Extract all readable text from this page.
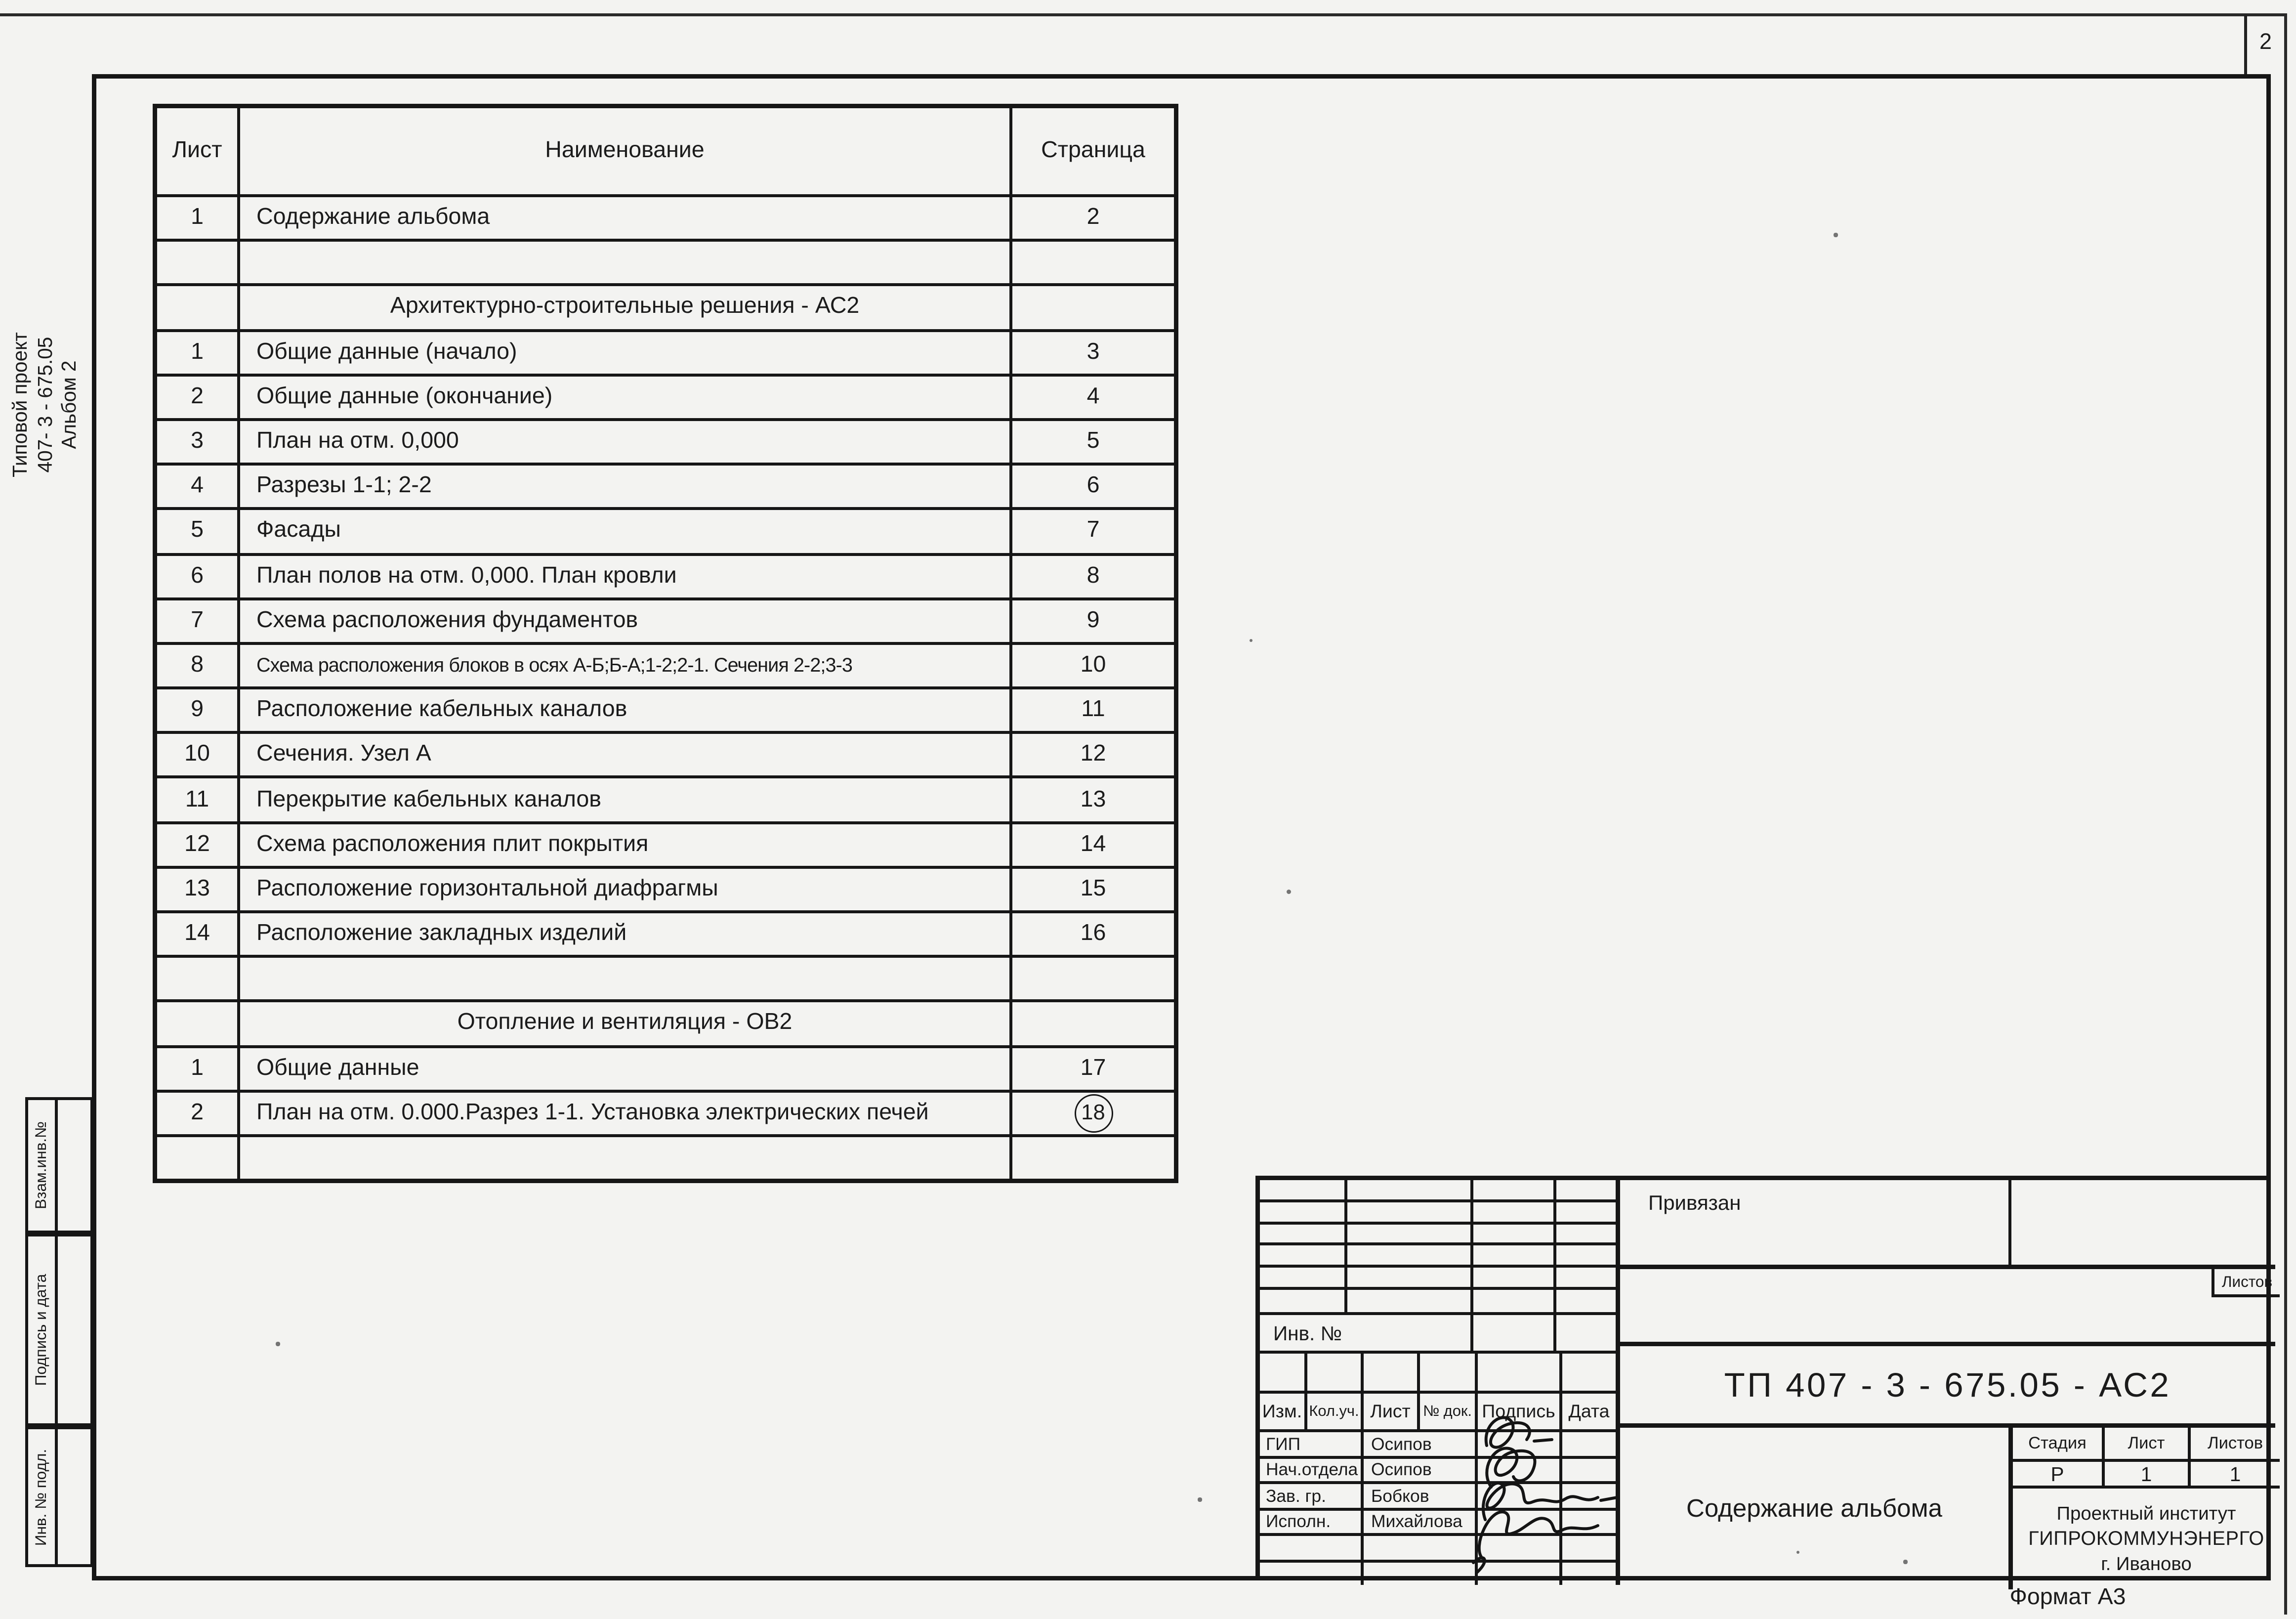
2
Типовой проект 407- 3 - 675.05 Альбом 2
Взам.инв.№
Подпись и дата
Инв. № подл.
Лист	Наименование	Страница
1	Содержание альбома	2
Архитектурно-строительные решения - АС2
1	Общие данные (начало)	3
2	Общие данные (окончание)	4
3	План на отм. 0,000	5
4	Разрезы 1-1; 2-2	6
5	Фасады	7
6	План полов на отм. 0,000. План кровли	8
7	Схема расположения фундаментов	9
8	Схема расположения блоков в осях А-Б;Б-А;1-2;2-1. Сечения 2-2;3-3	10
9	Расположение кабельных каналов	11
10	Сечения. Узел А	12
11	Перекрытие кабельных каналов	13
12	Схема расположения плит покрытия	14
13	Расположение горизонтальной диафрагмы	15
14	Расположение закладных изделий	16
Отопление и вентиляция - ОВ2
1	Общие данные	17
2	План на отм. 0.000.Разрез 1-1. Установка электрических печей	18
Инв. №
Изм.	Кол.уч.	Лист	№ док.	Подпись	Дата
ГИП	Осипов
Нач.отдела	Осипов
Зав. гр.	Бобков
Исполн.	Михайлова
Привязан
Листов
ТП 407 - 3 - 675.05 - АС2
Содержание альбома
Стадия	Лист	Листов
Р	1	1
Проектный институт
ГИПРОКОММУНЭНЕРГО
г. Иваново
Формат А3
